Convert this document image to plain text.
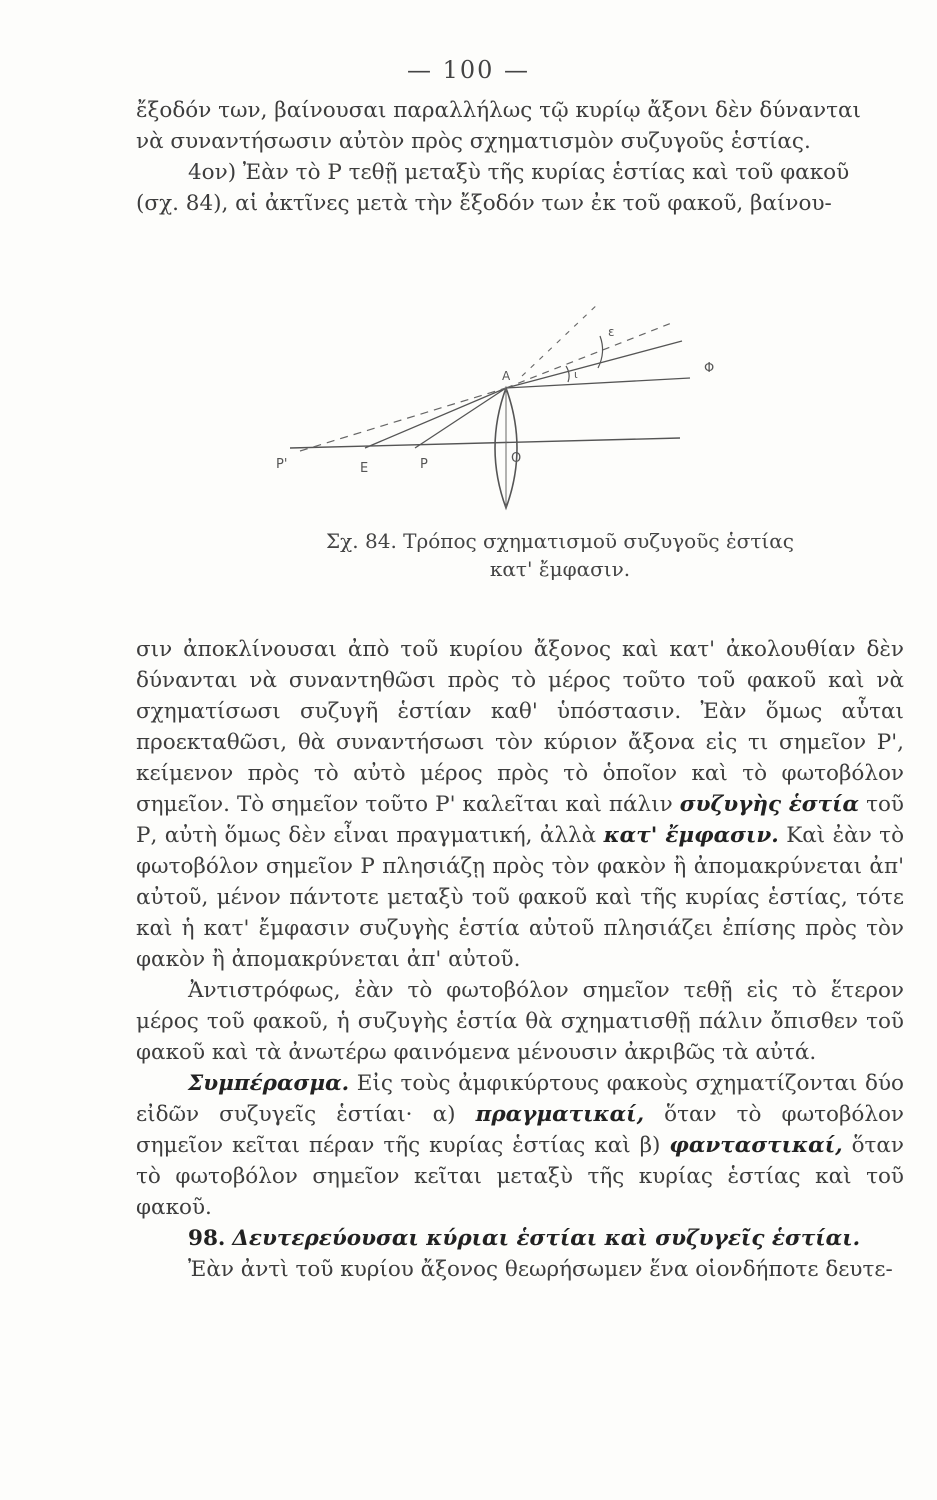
— 100 —

ἔξοδόν των, βαίνουσαι παραλλήλως τῷ κυρίῳ ἄξονι δὲν δύνανται

νὰ συναντήσωσιν αὐτὸν πρὸς σχηματισμὸν συζυγοῦς ἑστίας.

4ον) Ἐὰν τὸ Ρ τεθῇ μεταξὺ τῆς κυρίας ἑστίας καὶ τοῦ φακοῦ

(σχ. 84), αἱ ἀκτῖνες μετὰ τὴν ἔξοδόν των ἐκ τοῦ φακοῦ, βαίνου-

Ρ'	Ε	Ρ	Ο
Α	Φ
ε
ι
Σχ. 84. Τρόπος σχηματισμοῦ συζυγοῦς ἑστίας
κατ' ἔμφασιν.

σιν ἀποκλίνουσαι ἀπὸ τοῦ κυρίου ἄξονος καὶ κατ' ἀκολουθίαν δὲν δύνανται νὰ συναντηθῶσι πρὸς τὸ μέρος τοῦτο τοῦ φακοῦ καὶ νὰ σχηματίσωσι συζυγῆ ἑστίαν καθ' ὑπόστασιν. Ἐὰν ὅμως αὗται προεκταθῶσι, θὰ συναντήσωσι τὸν κύριον ἄξονα εἰς τι σημεῖον Ρ', κείμενον πρὸς τὸ αὐτὸ μέρος πρὸς τὸ ὁποῖον καὶ τὸ φωτοβόλον σημεῖον. Τὸ σημεῖον τοῦτο Ρ' καλεῖται καὶ πάλιν συζυγὴς ἑστία τοῦ Ρ, αὐτὴ ὅμως δὲν εἶναι πραγματική, ἀλλὰ κατ' ἔμφασιν. Καὶ ἐὰν τὸ φωτοβόλον σημεῖον Ρ πλησιάζῃ πρὸς τὸν φακὸν ἢ ἀπομακρύνεται ἀπ' αὐτοῦ, μένον πάντοτε μεταξὺ τοῦ φακοῦ καὶ τῆς κυρίας ἑστίας, τότε καὶ ἡ κατ' ἔμφασιν συζυγὴς ἑστία αὐτοῦ πλησιάζει ἐπίσης πρὸς τὸν φακὸν ἢ ἀπομακρύνεται ἀπ' αὐτοῦ.

Ἀντιστρόφως, ἐὰν τὸ φωτοβόλον σημεῖον τεθῇ εἰς τὸ ἕτερον μέρος τοῦ φακοῦ, ἡ συζυγὴς ἑστία θὰ σχηματισθῇ πάλιν ὄπισθεν τοῦ φακοῦ καὶ τὰ ἀνωτέρω φαινόμενα μένουσιν ἀκριβῶς τὰ αὐτά.

Συμπέρασμα. Εἰς τοὺς ἀμφικύρτους φακοὺς σχηματίζονται δύο εἰδῶν συζυγεῖς ἑστίαι· α) πραγματικαί, ὅταν τὸ φωτοβόλον σημεῖον κεῖται πέραν τῆς κυρίας ἑστίας καὶ β) φανταστικαί, ὅταν τὸ φωτοβόλον σημεῖον κεῖται μεταξὺ τῆς κυρίας ἑστίας καὶ τοῦ φακοῦ.

98. Δευτερεύουσαι κύριαι ἑστίαι καὶ συζυγεῖς ἑστίαι.

Ἐὰν ἀντὶ τοῦ κυρίου ἄξονος θεωρήσωμεν ἕνα οἱονδήποτε δευτε-
